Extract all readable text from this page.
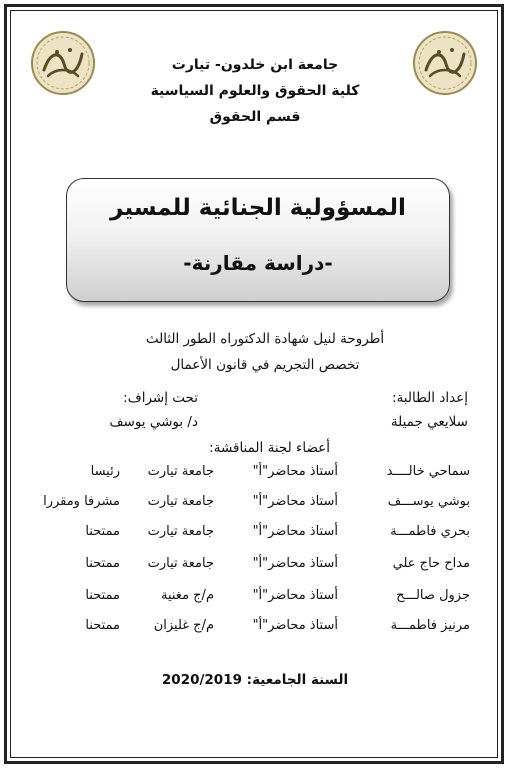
جامعة ابن خلدون- تيارت
كلية الحقوق والعلوم السياسية
قسم الحقوق
المسؤولية الجنائية للمسير
-دراسة مقارنة-
أطروحة لنيل شهادة الدكتوراه الطور الثالث
تخصص التجريم في قانون الأعمال
إعداد الطالبة:
سلايعي جميلة
تحت إشراف:
د/ بوشي يوسف
أعضاء لجنة المناقشة:
سماحي خالــــد
أستاذ محاضر"أ"
جامعة تيارت
رئيسا
بوشي يوســـف
أستاذ محاضر"أ"
جامعة تيارت
مشرفا ومقررا
بحري فاطمـــة
أستاذ محاضر"أ"
جامعة تيارت
ممتحنا
مداح حاج علي
أستاذ محاضر"أ"
جامعة تيارت
ممتحنا
جزول صالـــح
أستاذ محاضر"أ"
م/ج مغنية
ممتحنا
مرنيز فاطمـــة
أستاذ محاضر"أ"
م/ج غليزان
ممتحنا
السنة الجامعية: 2020/2019
